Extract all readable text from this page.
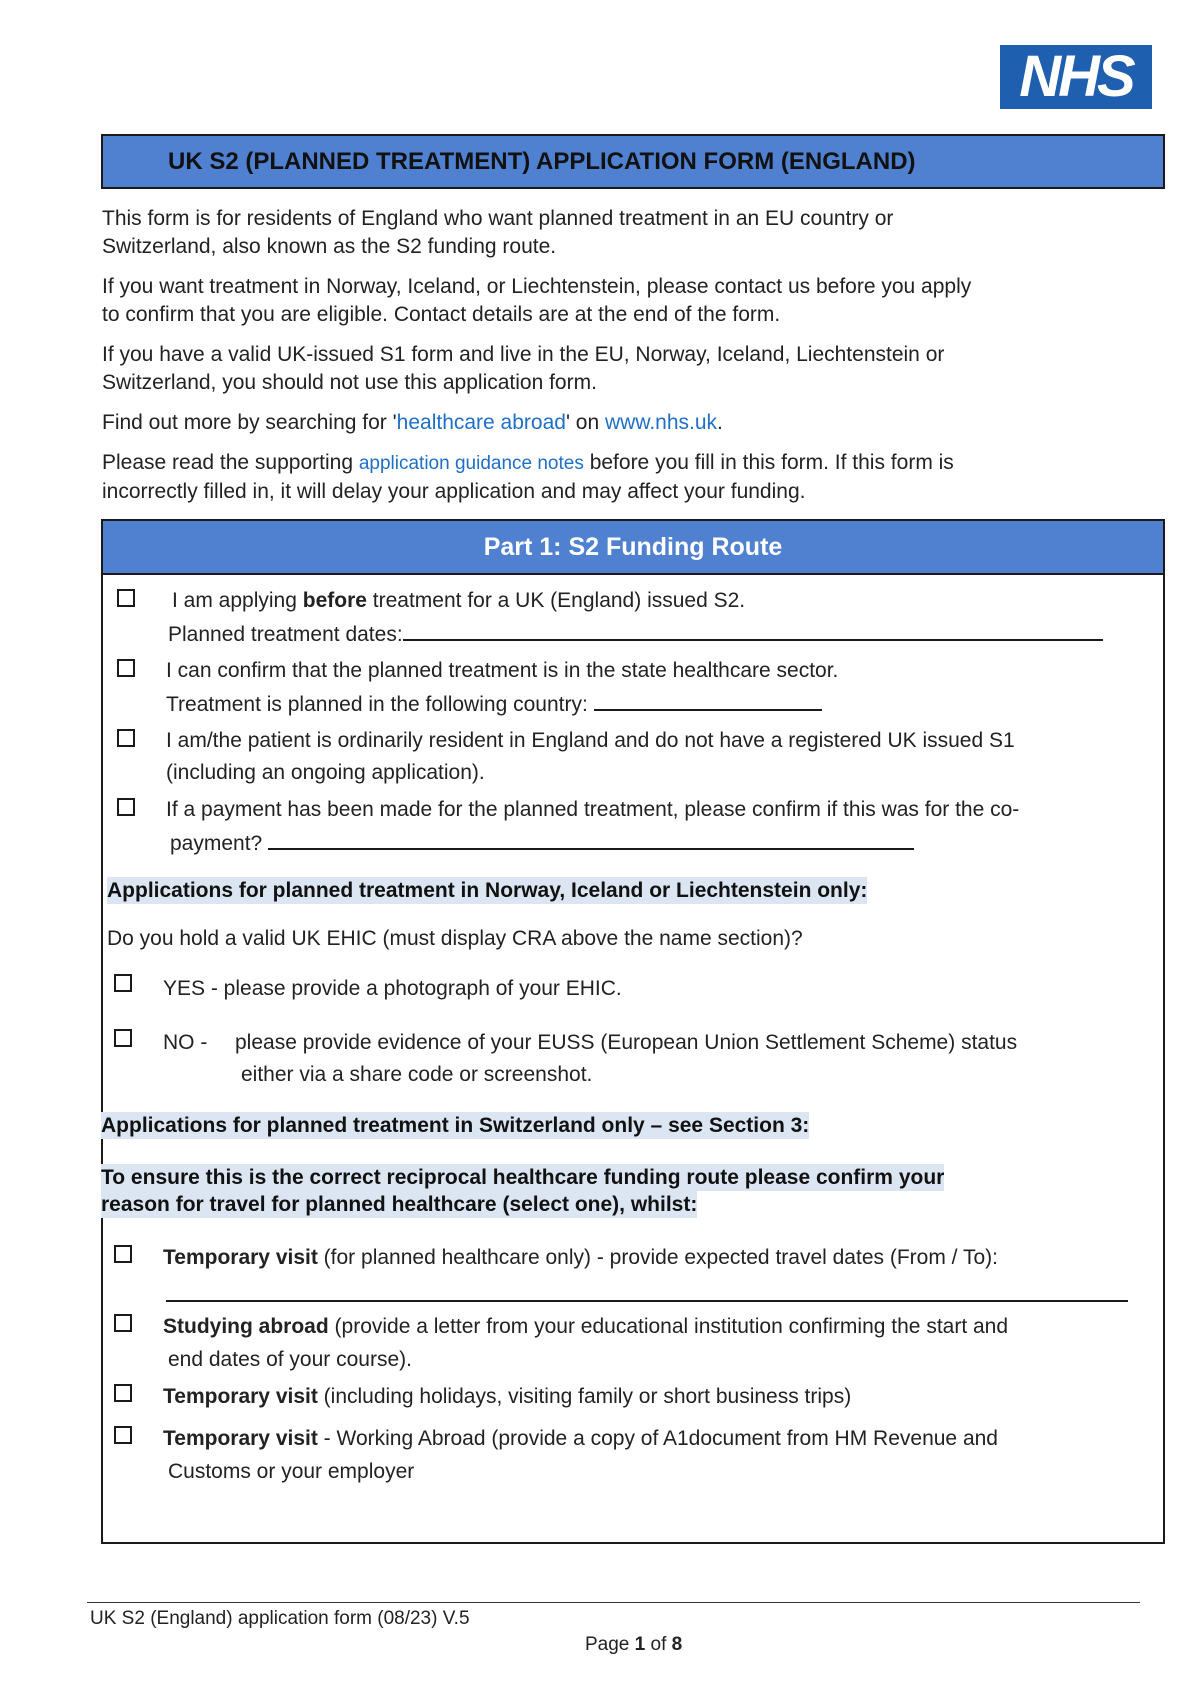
NHS
UK S2 (PLANNED TREATMENT) APPLICATION FORM (ENGLAND)
This form is for residents of England who want planned treatment in an EU country or
Switzerland, also known as the S2 funding route.
If you want treatment in Norway, Iceland, or Liechtenstein, please contact us before you apply
to confirm that you are eligible. Contact details are at the end of the form.
If you have a valid UK-issued S1 form and live in the EU, Norway, Iceland, Liechtenstein or
Switzerland, you should not use this application form.
Find out more by searching for 'healthcare abroad' on www.nhs.uk.
Please read the supporting application guidance notes before you fill in this form. If this form is
incorrectly filled in, it will delay your application and may affect your funding.
Part 1: S2 Funding Route
I am applying before treatment for a UK (England) issued S2.
Planned treatment dates:
I can confirm that the planned treatment is in the state healthcare sector.
Treatment is planned in the following country:
I am/the patient is ordinarily resident in England and do not have a registered UK issued S1
(including an ongoing application).
If a payment has been made for the planned treatment, please confirm if this was for the co-
payment?
Applications for planned treatment in Norway, Iceland or Liechtenstein only:
Do you hold a valid UK EHIC (must display CRA above the name section)?
YES - please provide a photograph of your EHIC.
NO - please provide evidence of your EUSS (European Union Settlement Scheme) status
either via a share code or screenshot.
Applications for planned treatment in Switzerland only – see Section 3:
To ensure this is the correct reciprocal healthcare funding route please confirm your
reason for travel for planned healthcare (select one), whilst:
Temporary visit (for planned healthcare only) - provide expected travel dates (From / To):
Studying abroad (provide a letter from your educational institution confirming the start and
end dates of your course).
Temporary visit (including holidays, visiting family or short business trips)
Temporary visit - Working Abroad (provide a copy of A1document from HM Revenue and
Customs or your employer
UK S2 (England) application form (08/23) V.5
Page 1 of 8
